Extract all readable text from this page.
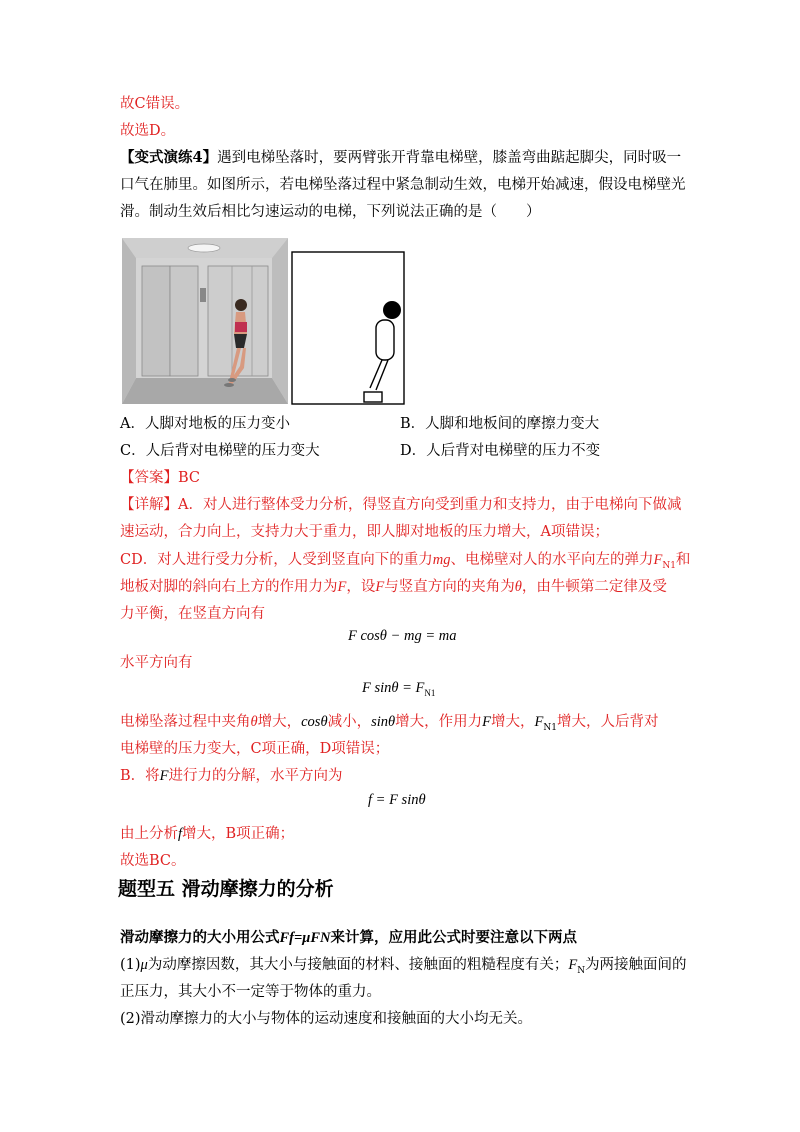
故C错误。
故选D。
【变式演练4】遇到电梯坠落时，要两臂张开背靠电梯壁，膝盖弯曲踮起脚尖，同时吸一
口气在肺里。如图所示，若电梯坠落过程中紧急制动生效，电梯开始减速，假设电梯壁光
滑。制动生效后相比匀速运动的电梯，下列说法正确的是（　　）
A．人脚对地板的压力变小	B．人脚和地板间的摩擦力变大
C．人后背对电梯壁的压力变大	D．人后背对电梯壁的压力不变
【答案】BC
【详解】A．对人进行整体受力分析，得竖直方向受到重力和支持力，由于电梯向下做减
速运动，合力向上，支持力大于重力，即人脚对地板的压力增大，A项错误；
CD．对人进行受力分析，人受到竖直向下的重力mg、电梯壁对人的水平向左的弹力$F_{N1}$和
地板对脚的斜向右上方的作用力为F，设F与竖直方向的夹角为θ，由牛顿第二定律及受
力平衡，在竖直方向有
F cosθ − mg = ma
水平方向有
F $\sin\theta = F_{N1}$
电梯坠落过程中夹角θ增大，cosθ减小，sinθ增大，作用力F增大，$F_{N1}$增大，人后背对
电梯壁的压力变大，C项正确，D项错误；
B．将F进行力的分解，水平方向为
f = F sinθ
由上分析f增大，B项正确；
故选BC。
题型五 滑动摩擦力的分析
滑动摩擦力的大小用公式Ff=μFN来计算，应用此公式时要注意以下两点
(1)μ为动摩擦因数，其大小与接触面的材料、接触面的粗糙程度有关；$F_N$为两接触面间的
正压力，其大小不一定等于物体的重力。
(2)滑动摩擦力的大小与物体的运动速度和接触面的大小均无关。
